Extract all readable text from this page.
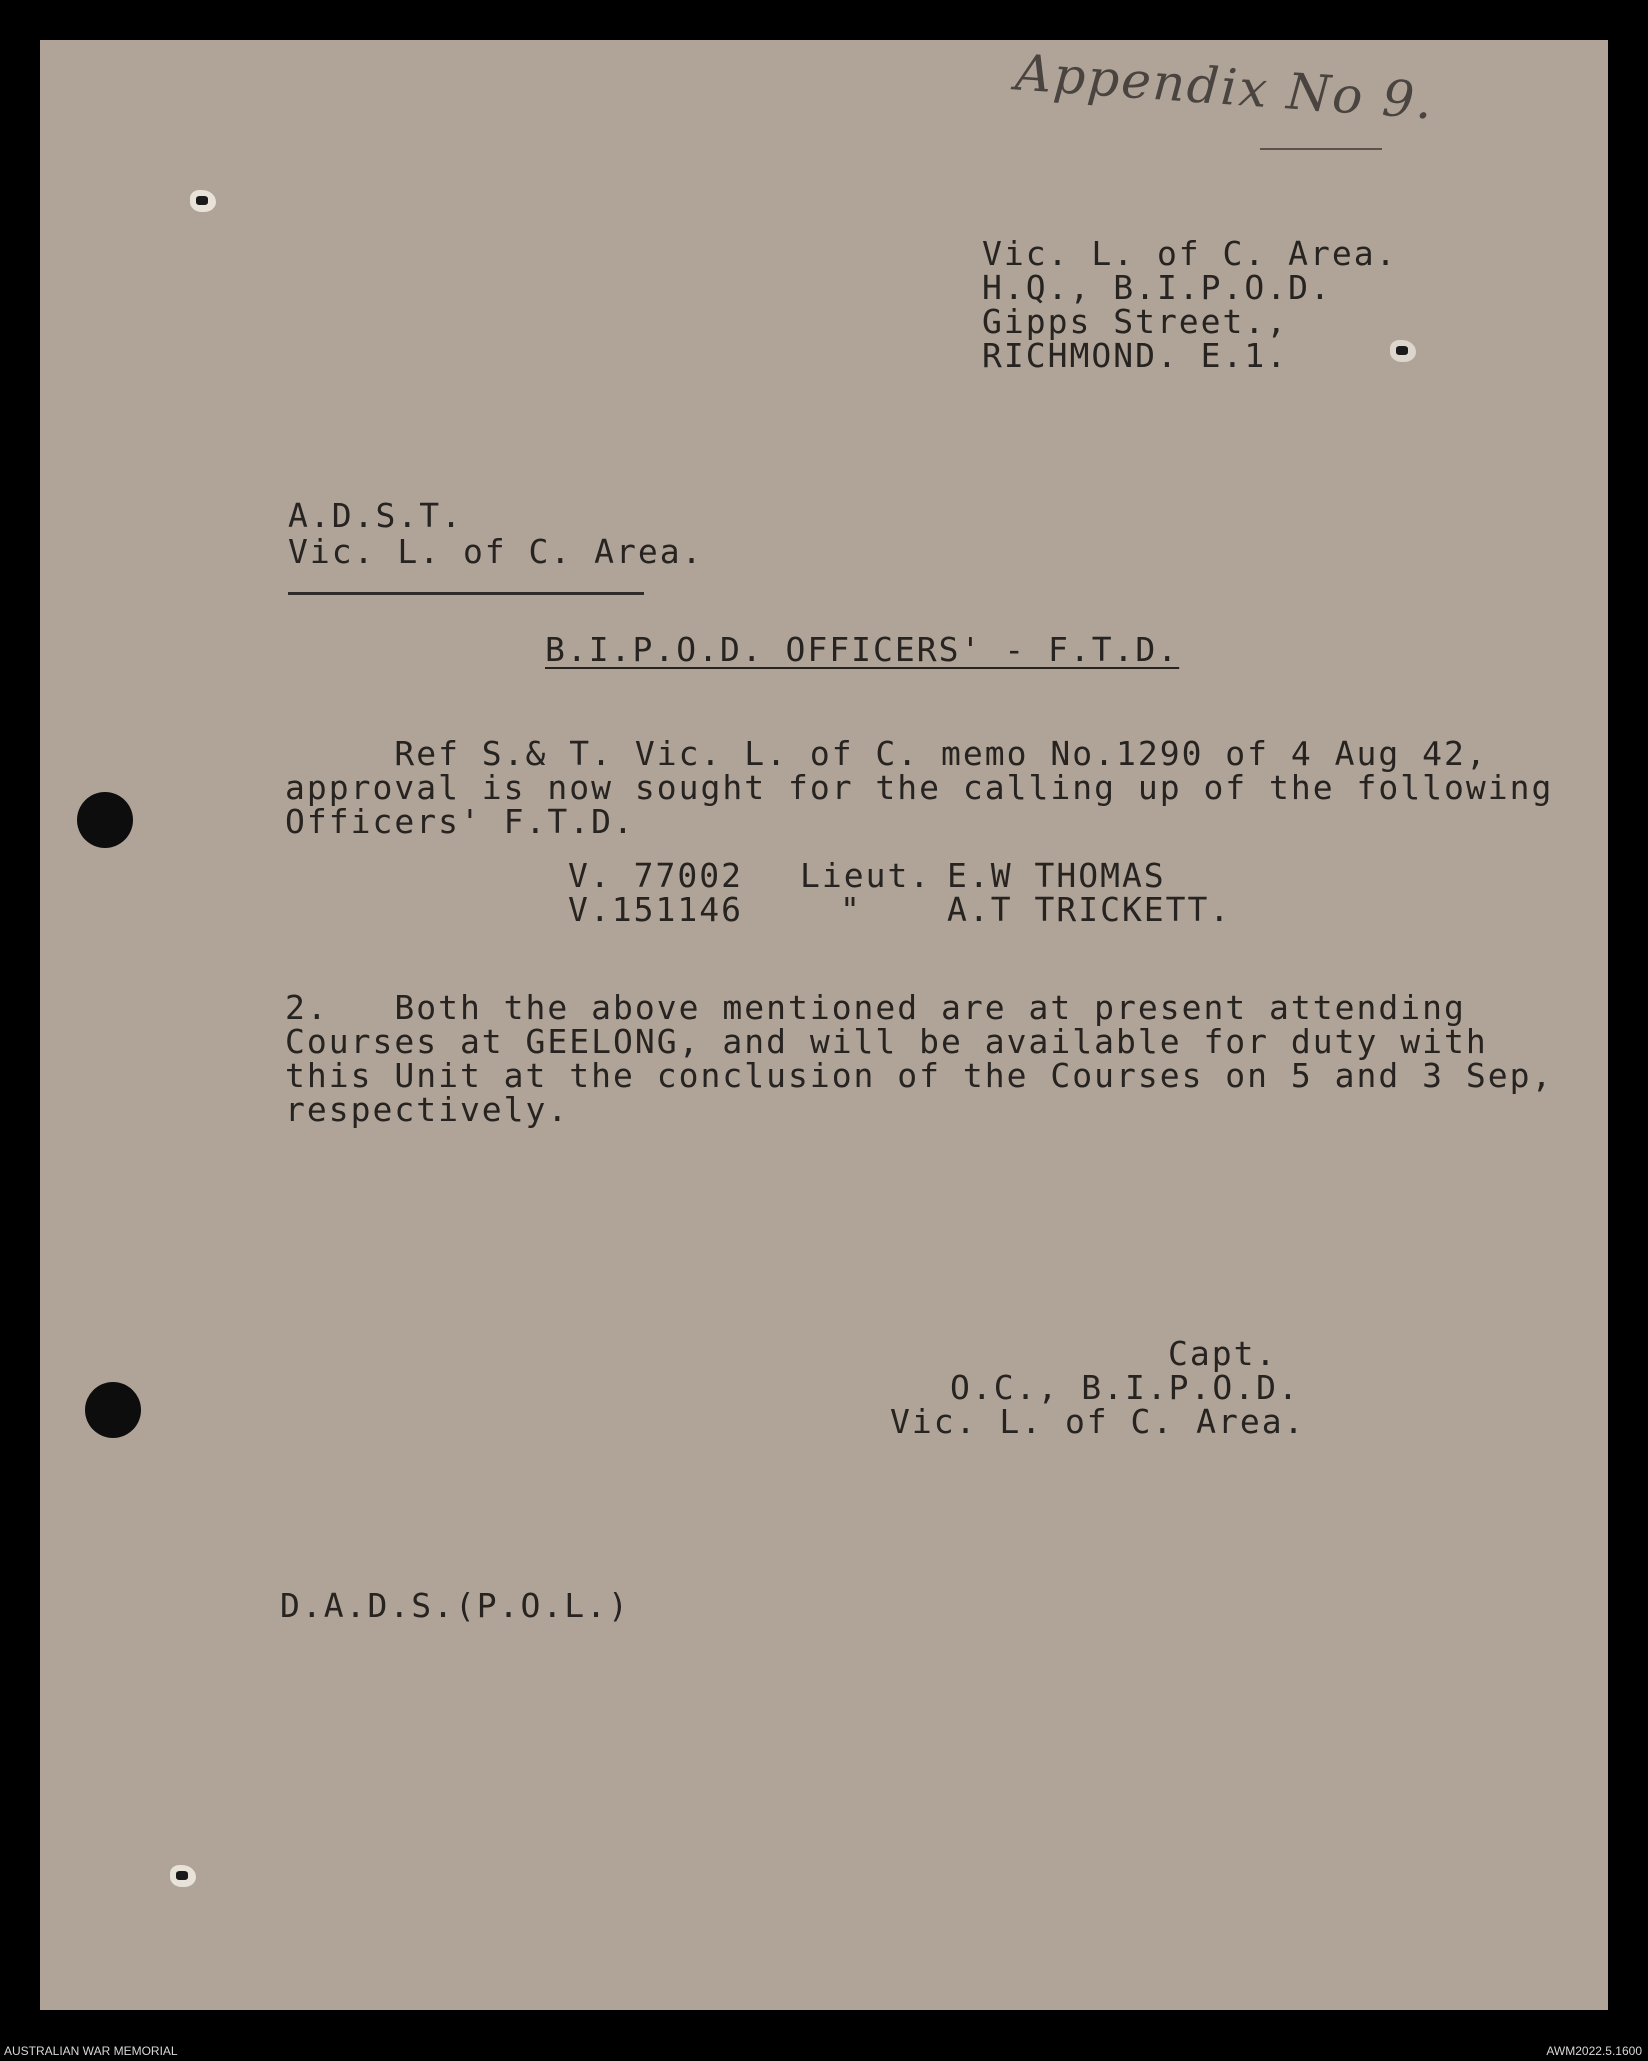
Appendix No 9.
Vic. L. of C. Area.
H.Q., B.I.P.O.D.
Gipps Street.,
RICHMOND. E.1.
A.D.S.T.
Vic. L. of C. Area.
B.I.P.O.D. OFFICERS' - F.T.D.
Ref S.& T. Vic. L. of C. memo No.1290 of 4 Aug 42,
approval is now sought for the calling up of the following
Officers' F.T.D.
V. 77002 Lieut. E.W THOMAS
V.151146	"	A.T TRICKETT.
2.   Both the above mentioned are at present attending
Courses at GEELONG, and will be available for duty with
this Unit at the conclusion of the Courses on 5 and 3 Sep,
respectively.
Capt.
O.C., B.I.P.O.D.
Vic. L. of C. Area.
D.A.D.S.(P.O.L.)
AUSTRALIAN WAR MEMORIAL	AWM2022.5.1600
